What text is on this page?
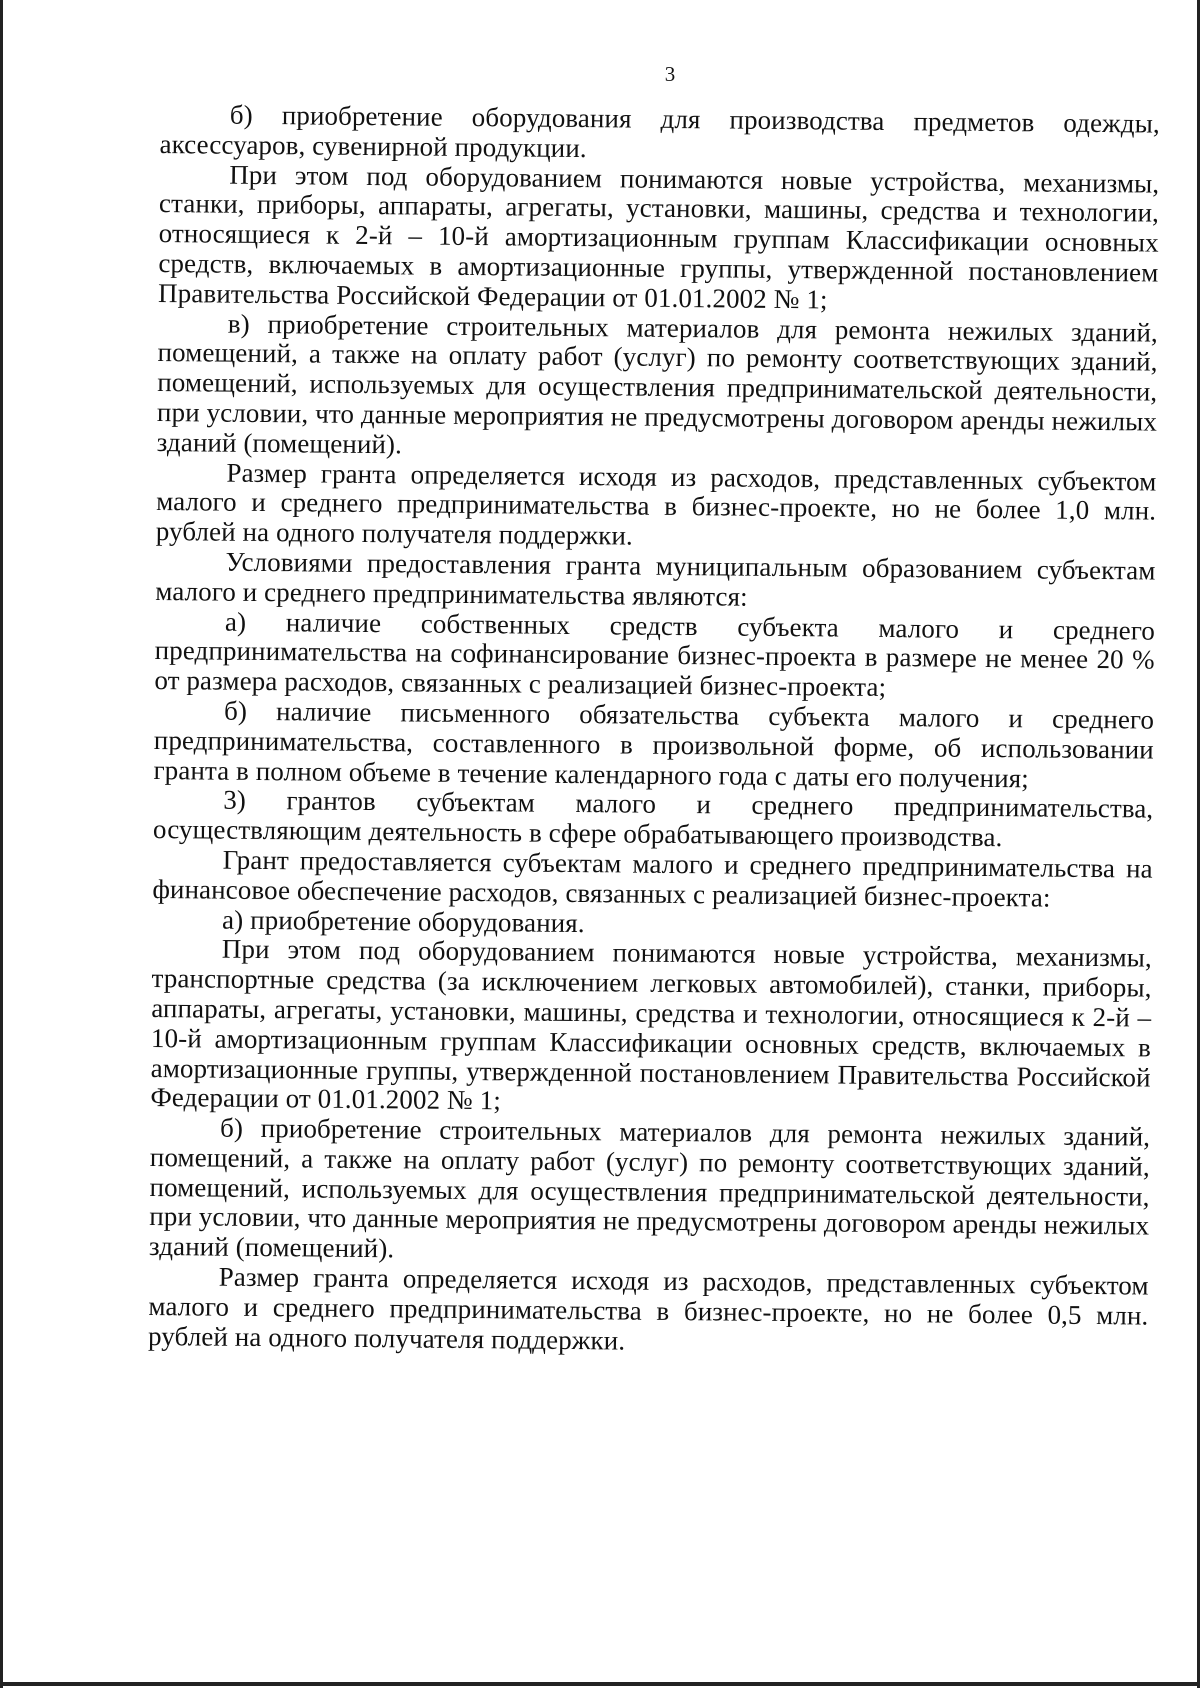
3

б) приобретение оборудования для производства предметов одежды, аксессуаров, сувенирной продукции.

При этом под оборудованием понимаются новые устройства, механизмы, станки, приборы, аппараты, агрегаты, установки, машины, средства и технологии, относящиеся к 2-й – 10-й амортизационным группам Классификации основных средств, включаемых в амортизационные группы, утвержденной постановлением Правительства Российской Федерации от 01.01.2002 № 1;

в) приобретение строительных материалов для ремонта нежилых зданий, помещений, а также на оплату работ (услуг) по ремонту соответствующих зданий, помещений, используемых для осуществления предпринимательской деятельности, при условии, что данные мероприятия не предусмотрены договором аренды нежилых зданий (помещений).

Размер гранта определяется исходя из расходов, представленных субъектом малого и среднего предпринимательства в бизнес-проекте, но не более 1,0 млн. рублей на одного получателя поддержки.

Условиями предоставления гранта муниципальным образованием субъектам малого и среднего предпринимательства являются:

а) наличие собственных средств субъекта малого и среднего предпринимательства на софинансирование бизнес-проекта в размере не менее 20 % от размера расходов, связанных с реализацией бизнес-проекта;

б) наличие письменного обязательства субъекта малого и среднего предпринимательства, составленного в произвольной форме, об использовании гранта в полном объеме в течение календарного года с даты его получения;

3) грантов субъектам малого и среднего предпринимательства, осуществляющим деятельность в сфере обрабатывающего производства.

Грант предоставляется субъектам малого и среднего предпринимательства на финансовое обеспечение расходов, связанных с реализацией бизнес-проекта:

а) приобретение оборудования.

При этом под оборудованием понимаются новые устройства, механизмы, транспортные средства (за исключением легковых автомобилей), станки, приборы, аппараты, агрегаты, установки, машины, средства и технологии, относящиеся к 2-й – 10-й амортизационным группам Классификации основных средств, включаемых в амортизационные группы, утвержденной постановлением Правительства Российской Федерации от 01.01.2002 № 1;

б) приобретение строительных материалов для ремонта нежилых зданий, помещений, а также на оплату работ (услуг) по ремонту соответствующих зданий, помещений, используемых для осуществления предпринимательской деятельности, при условии, что данные мероприятия не предусмотрены договором аренды нежилых зданий (помещений).

Размер гранта определяется исходя из расходов, представленных субъектом малого и среднего предпринимательства в бизнес-проекте, но не более 0,5 млн. рублей на одного получателя поддержки.
